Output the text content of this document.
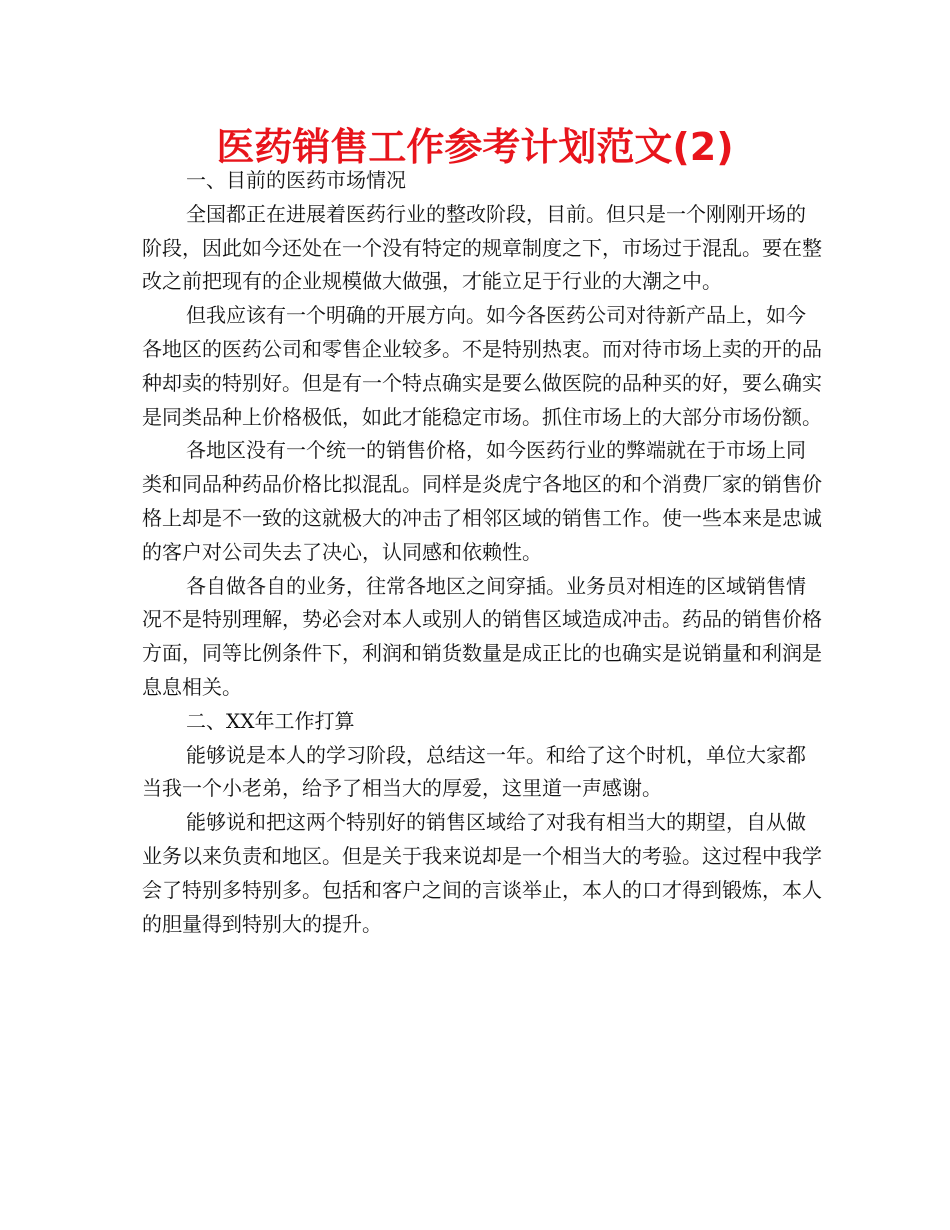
医药销售工作参考计划范文(2)

一、目前的医药市场情况

全国都正在进展着医药行业的整改阶段，目前。但只是一个刚刚开场的阶段，因此如今还处在一个没有特定的规章制度之下，市场过于混乱。要在整改之前把现有的企业规模做大做强，才能立足于行业的大潮之中。

但我应该有一个明确的开展方向。如今各医药公司对待新产品上，如今各地区的医药公司和零售企业较多。不是特别热衷。而对待市场上卖的开的品种却卖的特别好。但是有一个特点确实是要么做医院的品种买的好，要么确实是同类品种上价格极低，如此才能稳定市场。抓住市场上的大部分市场份额。

各地区没有一个统一的销售价格，如今医药行业的弊端就在于市场上同类和同品种药品价格比拟混乱。同样是炎虎宁各地区的和个消费厂家的销售价格上却是不一致的这就极大的冲击了相邻区域的销售工作。使一些本来是忠诚的客户对公司失去了决心，认同感和依赖性。

各自做各自的业务，往常各地区之间穿插。业务员对相连的区域销售情况不是特别理解，势必会对本人或别人的销售区域造成冲击。药品的销售价格方面，同等比例条件下，利润和销货数量是成正比的也确实是说销量和利润是息息相关。

二、XX年工作打算

能够说是本人的学习阶段，总结这一年。和给了这个时机，单位大家都当我一个小老弟，给予了相当大的厚爱，这里道一声感谢。

能够说和把这两个特别好的销售区域给了对我有相当大的期望，自从做业务以来负责和地区。但是关于我来说却是一个相当大的考验。这过程中我学会了特别多特别多。包括和客户之间的言谈举止，本人的口才得到锻炼，本人的胆量得到特别大的提升。
